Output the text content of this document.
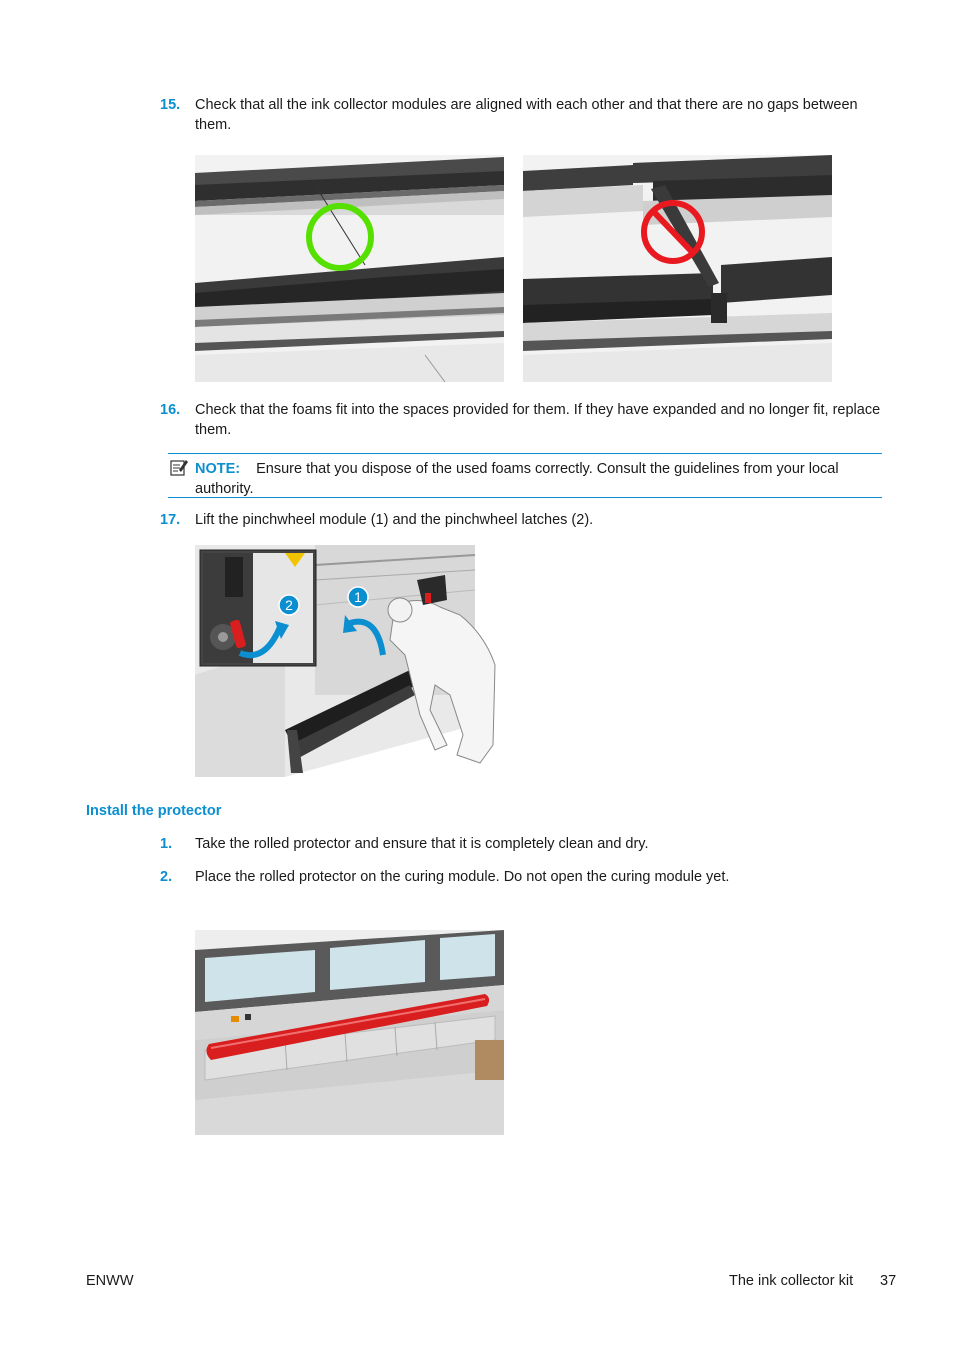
15. Check that all the ink collector modules are aligned with each other and that there are no gaps between them.
16. Check that the foams fit into the spaces provided for them. If they have expanded and no longer fit, replace them.
NOTE: Ensure that you dispose of the used foams correctly. Consult the guidelines from your local authority.
17. Lift the pinchwheel module (1) and the pinchwheel latches (2).
2	1
Install the protector
1. Take the rolled protector and ensure that it is completely clean and dry.
2. Place the rolled protector on the curing module. Do not open the curing module yet.
ENWW	The ink collector kit 37
